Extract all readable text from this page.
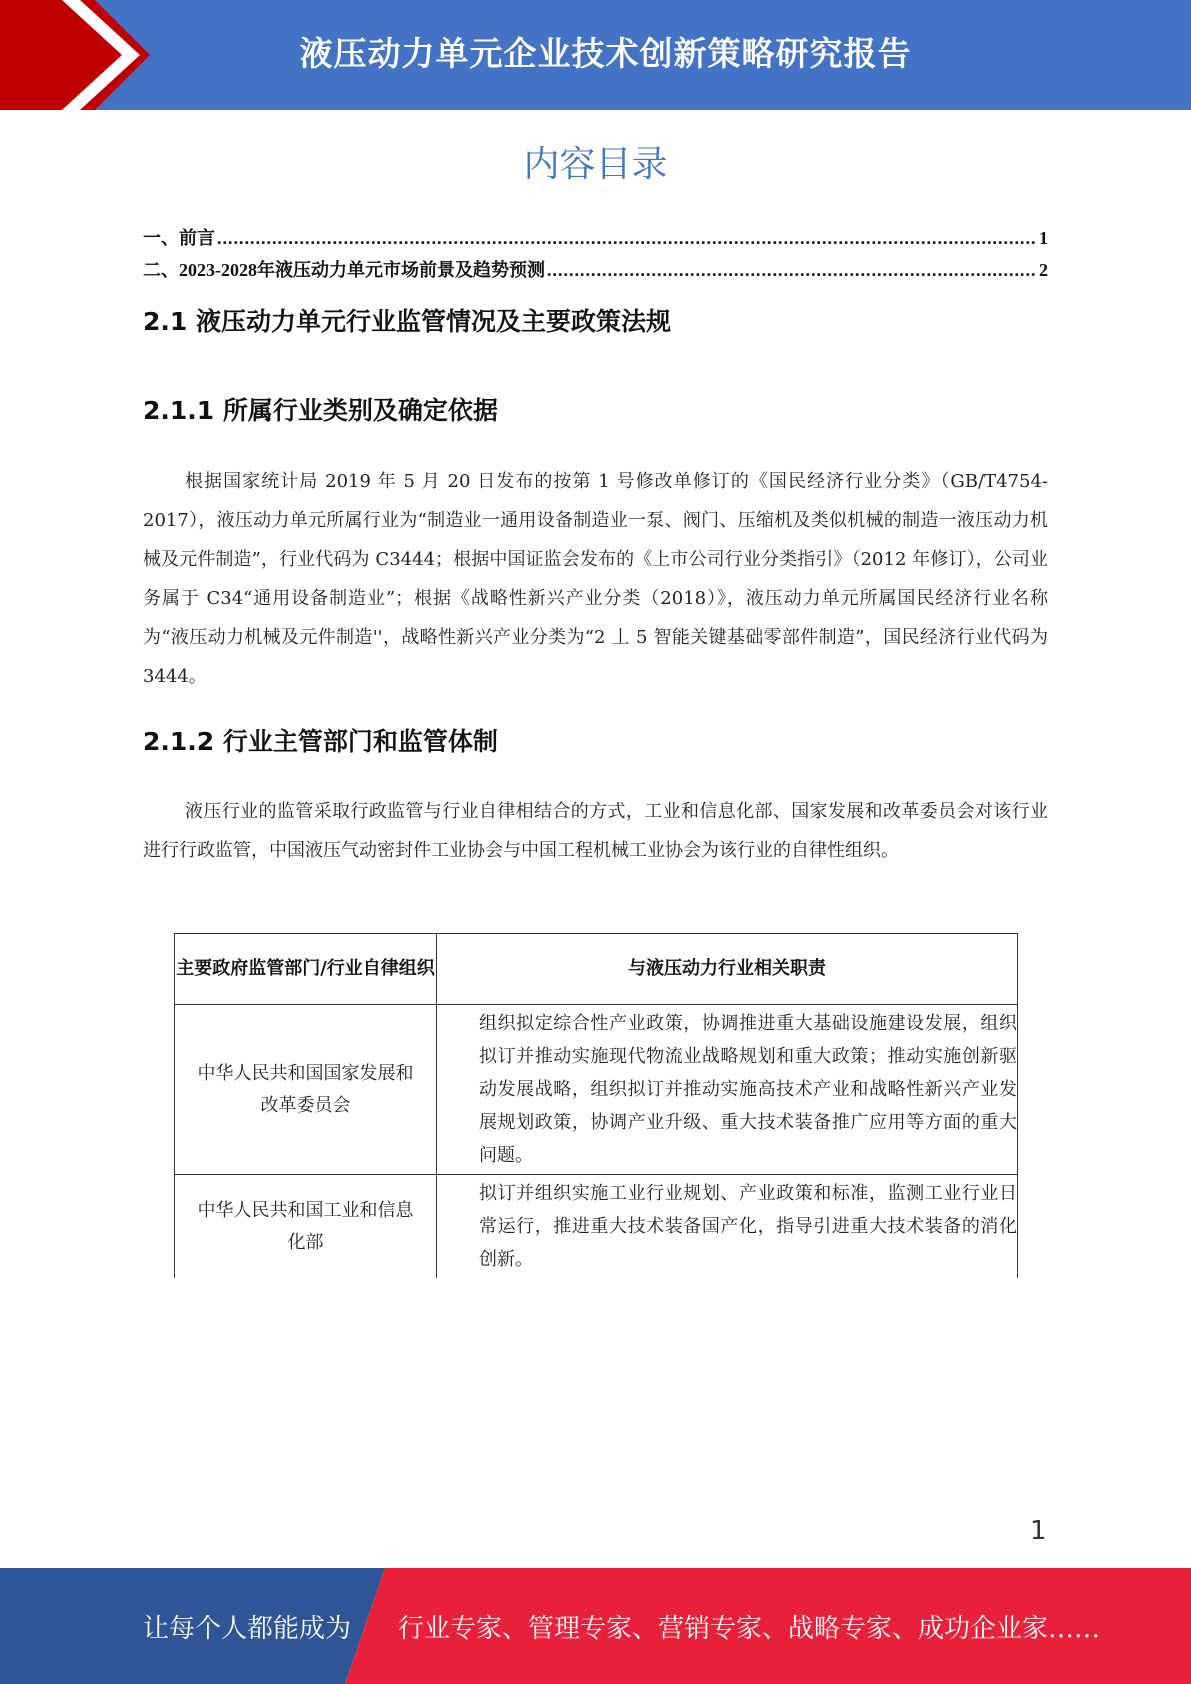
液压动力单元企业技术创新策略研究报告
内容目录
一、前言 .....	1
二、2023-2028年液压动力单元市场前景及趋势预测 .....	2
2.1 液压动力单元行业监管情况及主要政策法规
2.1.1 所属行业类别及确定依据

根据国家统计局 2019 年 5 月 20 日发布的按第 1 号修改单修订的《国民经济行业分类》（GB/T4754-2017），液压动力单元所属行业为“制造业一通用设备制造业一泵、阀门、压缩机及类似机械的制造一液压动力机械及元件制造”，行业代码为 C3444；根据中国证监会发布的《上市公司行业分类指引》（2012 年修订），公司业务属于 C34“通用设备制造业”；根据《战略性新兴产业分类（2018）》，液压动力单元所属国民经济行业名称为“液压动力机械及元件制造''，战略性新兴产业分类为“2 丄 5 智能关键基础零部件制造”，国民经济行业代码为 3444。

2.1.2 行业主管部门和监管体制

液压行业的监管采取行政监管与行业自律相结合的方式，工业和信息化部、国家发展和改革委员会对该行业进行行政监管，中国液压气动密封件工业协会与中国工程机械工业协会为该行业的自律性组织。

主要政府监管部门/行业自律组织	与液压动力行业相关职责
中华人民共和国国家发展和改革委员会	组织拟定综合性产业政策，协调推进重大基础设施建设发展，组织拟订并推动实施现代物流业战略规划和重大政策；推动实施创新驱动发展战略，组织拟订并推动实施高技术产业和战略性新兴产业发展规划政策，协调产业升级、重大技术装备推广应用等方面的重大问题。
中华人民共和国工业和信息化部	拟订并组织实施工业行业规划、产业政策和标准，监测工业行业日常运行，推进重大技术装备国产化，指导引进重大技术装备的消化创新。
1
让每个人都能成为 行业专家、管理专家、营销专家、战略专家、成功企业家……
